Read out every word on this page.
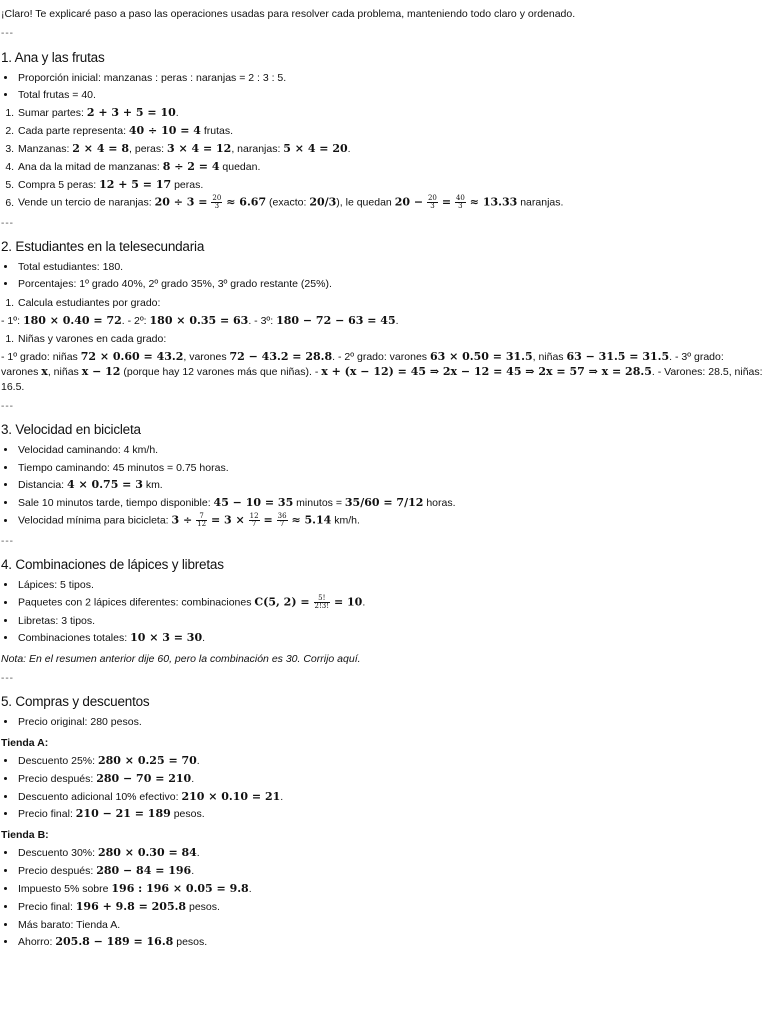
¡Claro! Te explicaré paso a paso las operaciones usadas para resolver cada problema, manteniendo todo claro y ordenado.

---
1. Ana y las frutas
• Proporción inicial: manzanas : peras : naranjas = 2 : 3 : 5.
• Total frutas = 40.
1. Sumar partes: 2 + 3 + 5 = 10.
2. Cada parte representa: 40 ÷ 10 = 4 frutas.
3. Manzanas: 2 × 4 = 8, peras: 3 × 4 = 12, naranjas: 5 × 4 = 20.
4. Ana da la mitad de manzanas: 8 ÷ 2 = 4 quedan.
5. Compra 5 peras: 12 + 5 = 17 peras.
6. Vende un tercio de naranjas: $20 \div 3 = \frac{20}{3} \approx 6.67$ (exacto: 20/3), le quedan $20 - \frac{20}{3} = \frac{40}{3} \approx 13.33$ naranjas.
---
2. Estudiantes en la telesecundaria
• Total estudiantes: 180.
• Porcentajes: 1º grado 40%, 2º grado 35%, 3º grado restante (25%).
1. Calcula estudiantes por grado:

- 1º: 180 × 0.40 = 72. - 2º: 180 × 0.35 = 63. - 3º: 180 − 72 − 63 = 45.

1. Niñas y varones en cada grado:

- 1º grado: niñas 72 × 0.60 = 43.2, varones 72 − 43.2 = 28.8. - 2º grado: varones 63 × 0.50 = 31.5, niñas 63 − 31.5 = 31.5. - 3º grado: varones x, niñas x − 12 (porque hay 12 varones más que niñas). - x + (x − 12) = 45 ⇒ 2x − 12 = 45 ⇒ 2x = 57 ⇒ x = 28.5. - Varones: 28.5, niñas: 16.5.

---
3. Velocidad en bicicleta
• Velocidad caminando: 4 km/h.
• Tiempo caminando: 45 minutos = 0.75 horas.
• Distancia: 4 × 0.75 = 3 km.
• Sale 10 minutos tarde, tiempo disponible: 45 − 10 = 35 minutos = 35/60 = 7/12 horas.
• Velocidad mínima para bicicleta: $3 \div \frac{7}{12} = 3 \times \frac{12}{7} = \frac{36}{7} \approx 5.14$ km/h.
---
4. Combinaciones de lápices y libretas
• Lápices: 5 tipos.
• Paquetes con 2 lápices diferentes: combinaciones C(5, $2) = \frac{5!}{2!3!} = 10$.
• Libretas: 3 tipos.
• Combinaciones totales: 10 × 3 = 30.

Nota: En el resumen anterior dije 60, pero la combinación es 30. Corrijo aquí.

---
5. Compras y descuentos
• Precio original: 280 pesos.

Tienda A:

• Descuento 25%: 280 × 0.25 = 70.
• Precio después: 280 − 70 = 210.
• Descuento adicional 10% efectivo: 210 × 0.10 = 21.
• Precio final: 210 − 21 = 189 pesos.

Tienda B:

• Descuento 30%: 280 × 0.30 = 84.
• Precio después: 280 − 84 = 196.
• Impuesto 5% sobre 196 : 196 × 0.05 = 9.8.
• Precio final: 196 + 9.8 = 205.8 pesos.
• Más barato: Tienda A.
• Ahorro: 205.8 − 189 = 16.8 pesos.
